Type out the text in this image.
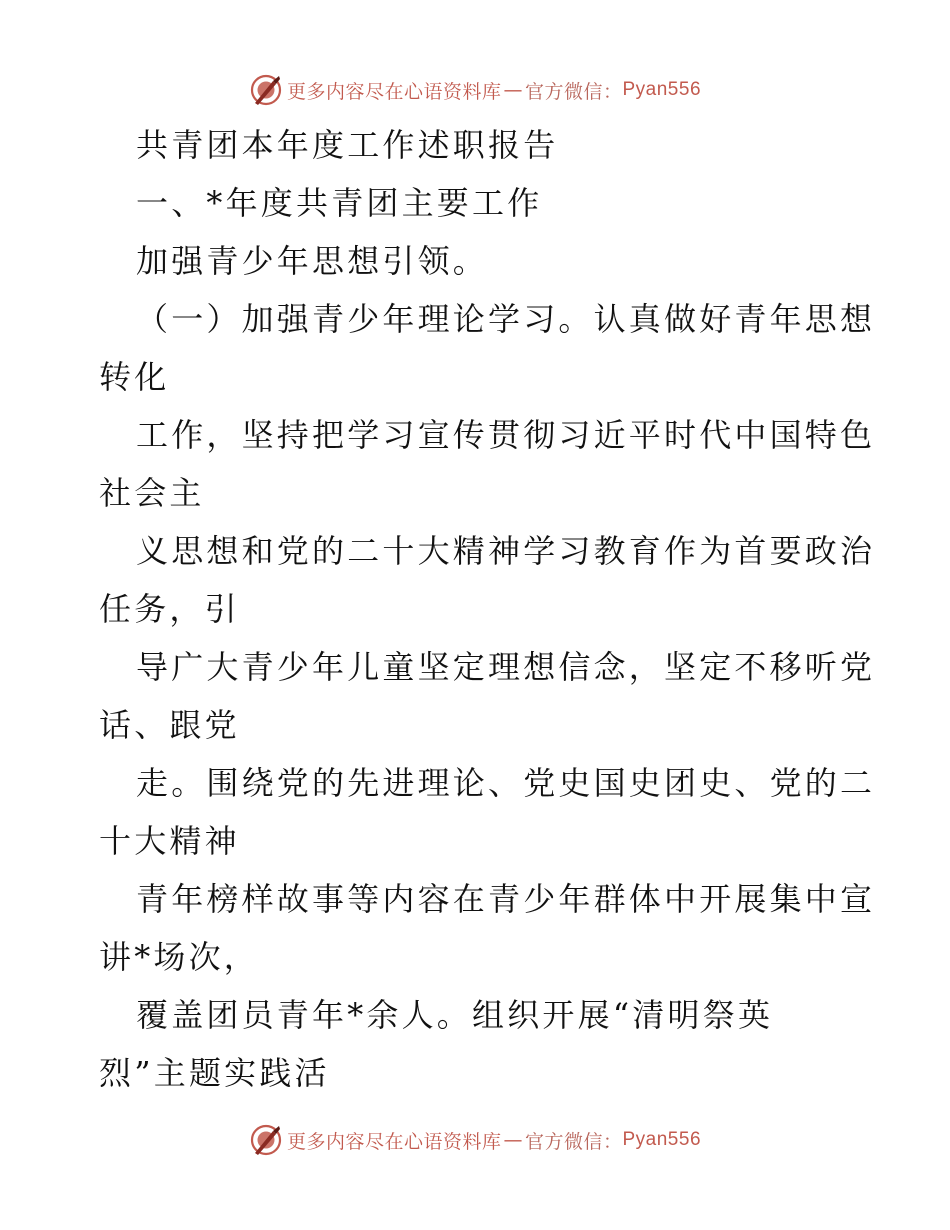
更多内容尽在心语资料库 — 官方微信： Pyan556
共青团本年度工作述职报告
一、*年度共青团主要工作
加强青少年思想引领。
（一）加强青少年理论学习。认真做好青年思想
转化
工作，坚持把学习宣传贯彻习近平时代中国特色
社会主
义思想和党的二十大精神学习教育作为首要政治
任务，引
导广大青少年儿童坚定理想信念，坚定不移听党
话、跟党
走。围绕党的先进理论、党史国史团史、党的二
十大精神
青年榜样故事等内容在青少年群体中开展集中宣
讲*场次，
覆盖团员青年*余人。组织开展“清明祭英
烈”主题实践活
更多内容尽在心语资料库 — 官方微信： Pyan556
